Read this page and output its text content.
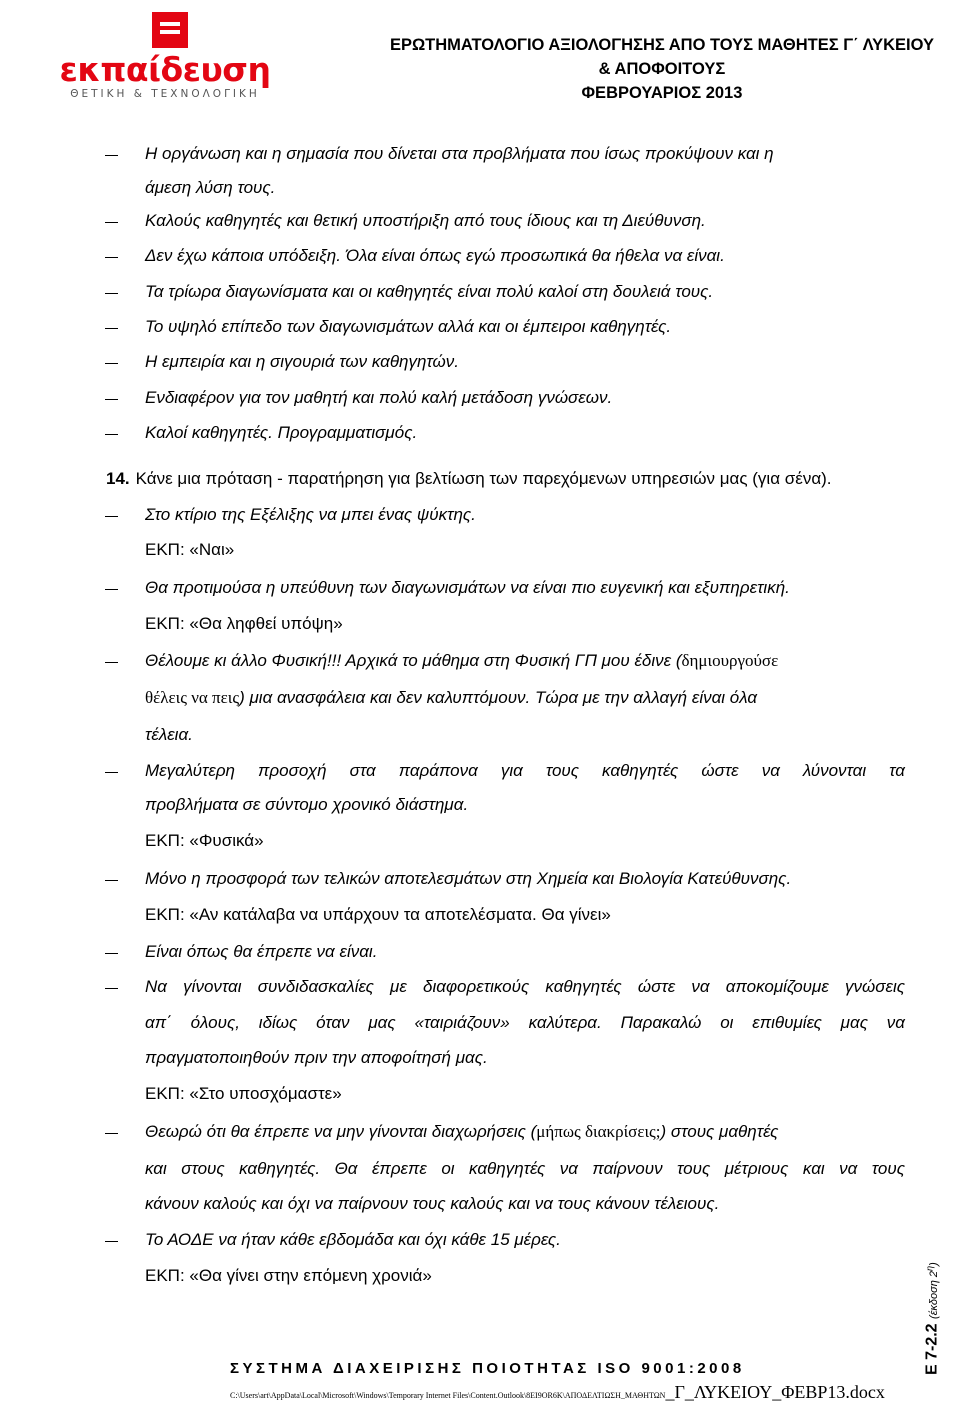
εκπαίδευση
ΘΕΤΙΚΗ & ΤΕΧΝΟΛΟΓΙΚΗ
ΕΡΩΤΗΜΑΤΟΛΟΓΙΟ ΑΞΙΟΛΟΓΗΣΗΣ ΑΠΟ ΤΟΥΣ ΜΑΘΗΤΕΣ Γ΄ ΛΥΚΕΙΟΥ
& ΑΠΟΦΟΙΤΟΥΣ
ΦΕΒΡΟΥΑΡΙΟΣ 2013
Η οργάνωση και η σημασία που δίνεται στα προβλήματα που ίσως προκύψουν και η
άμεση λύση τους.
Καλούς καθηγητές και θετική υποστήριξη από τους ίδιους και τη Διεύθυνση.
Δεν έχω κάποια υπόδειξη. Όλα είναι όπως εγώ προσωπικά θα ήθελα να είναι.
Τα τρίωρα διαγωνίσματα και οι καθηγητές είναι πολύ καλοί στη δουλειά τους.
Το υψηλό επίπεδο των διαγωνισμάτων αλλά και οι έμπειροι καθηγητές.
Η εμπειρία και η σιγουριά των καθηγητών.
Ενδιαφέρον για τον μαθητή και πολύ καλή μετάδοση γνώσεων.
Καλοί καθηγητές. Προγραμματισμός.
14. Κάνε μια πρόταση - παρατήρηση για βελτίωση των παρεχόμενων υπηρεσιών μας (για σένα).
Στο κτίριο της Εξέλιξης να μπει ένας ψύκτης.
ΕΚΠ: «Ναι»
Θα προτιμούσα η υπεύθυνη των διαγωνισμάτων να είναι πιο ευγενική και εξυπηρετική.
ΕΚΠ: «Θα ληφθεί υπόψη»
Θέλουμε κι άλλο Φυσική!!! Αρχικά το μάθημα στη Φυσική ΓΠ μου έδινε (δημιουργούσε
θέλεις να πεις) μια ανασφάλεια και δεν καλυπτόμουν. Τώρα με την αλλαγή είναι όλα
τέλεια.
Μεγαλύτερη προσοχή στα παράπονα για τους καθηγητές ώστε να λύνονται τα
προβλήματα σε σύντομο χρονικό διάστημα.
ΕΚΠ: «Φυσικά»
Μόνο η προσφορά των τελικών αποτελεσμάτων στη Χημεία και Βιολογία Κατεύθυνσης.
ΕΚΠ: «Αν κατάλαβα να υπάρχουν τα αποτελέσματα. Θα γίνει»
Είναι όπως θα έπρεπε να είναι.
Να γίνονται συνδιδασκαλίες με διαφορετικούς καθηγητές ώστε να αποκομίζουμε γνώσεις
απ΄ όλους, ιδίως όταν μας «ταιριάζουν» καλύτερα. Παρακαλώ οι επιθυμίες μας να
πραγματοποιηθούν πριν την αποφοίτησή μας.
ΕΚΠ: «Στο υποσχόμαστε»
Θεωρώ ότι θα έπρεπε να μην γίνονται διαχωρήσεις (μήπως διακρίσεις;) στους μαθητές
και στους καθηγητές. Θα έπρεπε οι καθηγητές να παίρνουν τους μέτριους και να τους
κάνουν καλούς και όχι να παίρνουν τους καλούς και να τους κάνουν τέλειους.
Το ΑΟΔΕ να ήταν κάθε εβδομάδα και όχι κάθε 15 μέρες.
ΕΚΠ: «Θα γίνει στην επόμενη χρονιά»
Ε 7-2.2 (έκδοση $2^\eta$)
ΣΥΣΤΗΜΑ ΔΙΑΧΕΙΡΙΣΗΣ ΠΟΙΟΤΗΤΑΣ ISO 9001:2008
C:\Users\art\AppData\Local\Microsoft\Windows\Temporary Internet Files\Content.Outlook\8EI9OR6K\ΑΠΟΔΕΛΤΙΩΣΗ_ΜΑΘΗΤΩΝ_Γ_ΛΥΚΕΙΟΥ_ΦΕΒΡ13.docx
